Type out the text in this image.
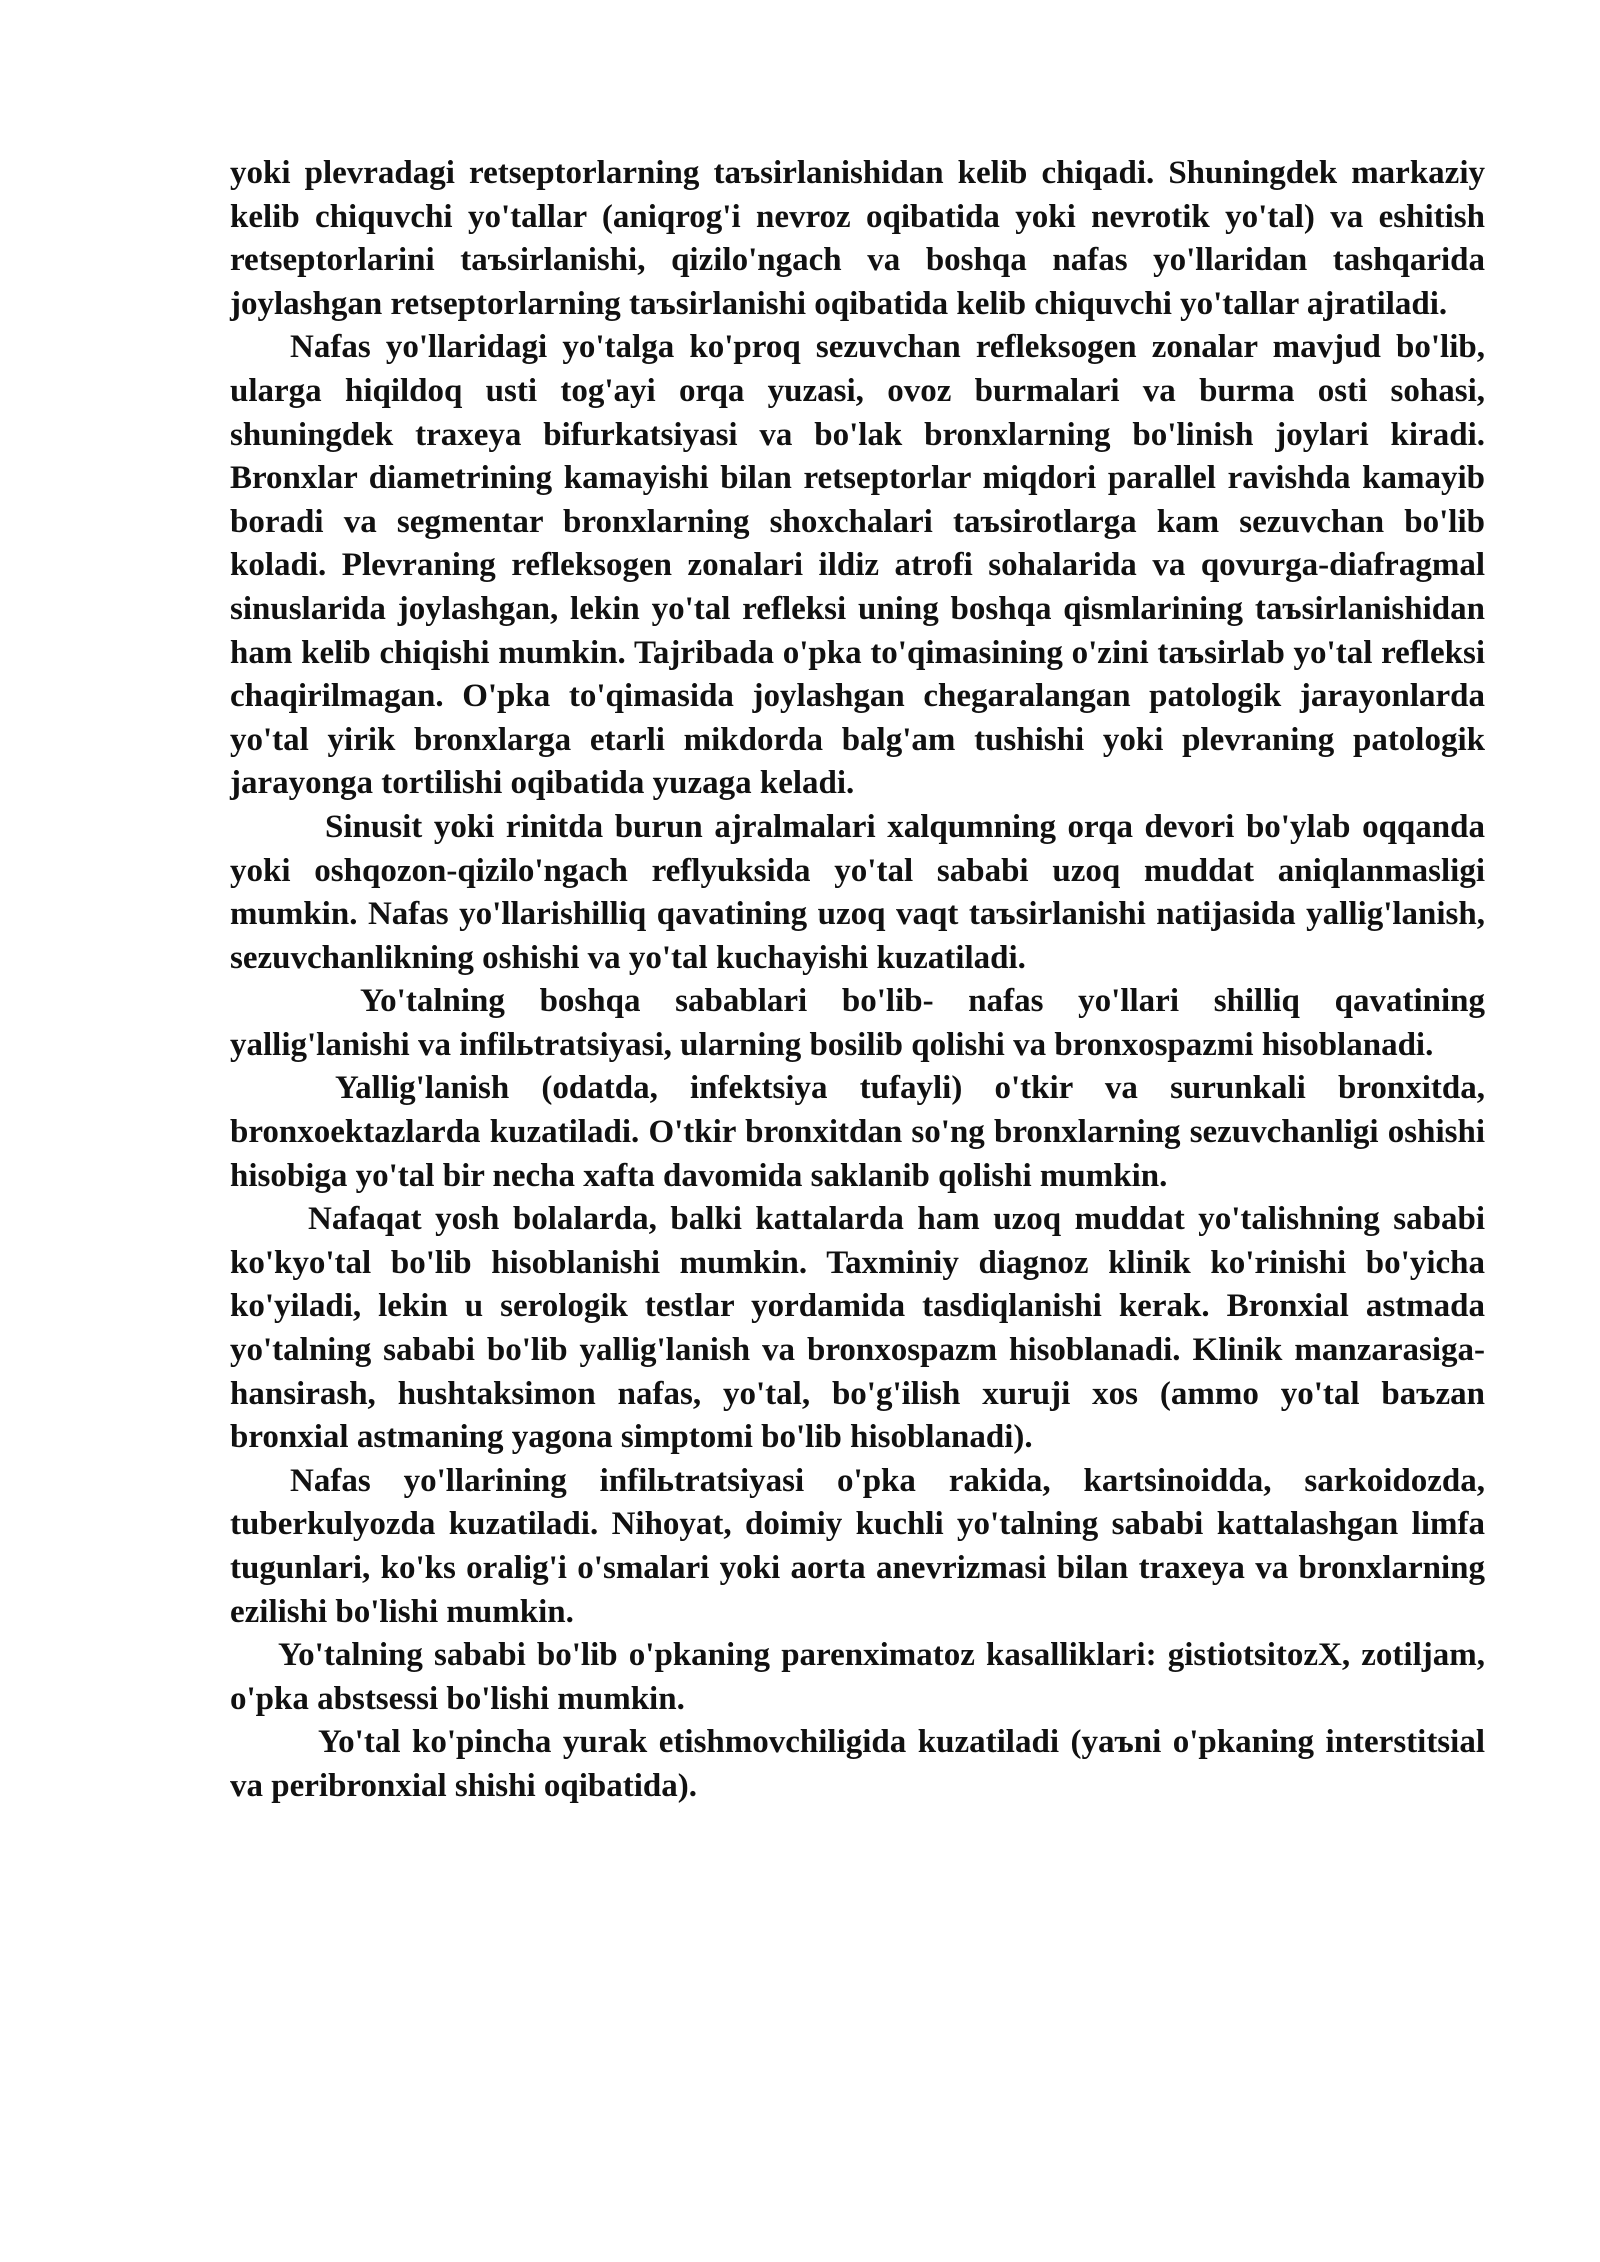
yoki plevradagi retseptorlarning taъsirlanishidan kelib chiqadi. Shuningdek markaziy kelib chiquvchi yo'tallar (aniqrog'i nevroz oqibatida yoki nevrotik yo'tal) va eshitish retseptorlarini taъsirlanishi, qizilo'ngach va boshqa nafas yo'llaridan tashqarida joylashgan retseptorlarning taъsirlanishi oqibatida kelib chiquvchi yo'tallar ajratiladi.

Nafas yo'llaridagi yo'talga ko'proq sezuvchan refleksogen zonalar mavjud bo'lib, ularga hiqildoq usti tog'ayi orqa yuzasi, ovoz burmalari va burma osti sohasi, shuningdek traxeya bifurkatsiyasi va bo'lak bronxlarning bo'linish joylari kiradi. Bronxlar diametrining kamayishi bilan retseptorlar miqdori parallel ravishda kamayib boradi va segmentar bronxlarning shoxchalari taъsirotlarga kam sezuvchan bo'lib koladi. Plevraning refleksogen zonalari ildiz atrofi sohalarida va qovurga-diafragmal sinuslarida joylashgan, lekin yo'tal refleksi uning boshqa qismlarining taъsirlanishidan ham kelib chiqishi mumkin. Tajribada o'pka to'qimasining o'zini taъsirlab yo'tal refleksi chaqirilmagan. O'pka to'qimasida joylashgan chegaralangan patologik jarayonlarda yo'tal yirik bronxlarga etarli mikdorda balg'am tushishi yoki plevraning patologik jarayonga tortilishi oqibatida yuzaga keladi.

Sinusit yoki rinitda burun ajralmalari xalqumning orqa devori bo'ylab oqqanda yoki oshqozon-qizilo'ngach reflyuksida yo'tal sababi uzoq muddat aniqlanmasligi mumkin. Nafas yo'llarishilliq qavatining uzoq vaqt taъsirlanishi natijasida yallig'lanish, sezuvchanlikning oshishi va yo'tal kuchayishi kuzatiladi.

Yo'talning boshqa sabablari bo'lib- nafas yo'llari shilliq qavatining yallig'lanishi va infilьtratsiyasi, ularning bosilib qolishi va bronxospazmi hisoblanadi.

Yallig'lanish (odatda, infektsiya tufayli) o'tkir va surunkali bronxitda, bronxoektazlarda kuzatiladi. O'tkir bronxitdan so'ng bronxlarning sezuvchanligi oshishi hisobiga yo'tal bir necha xafta davomida saklanib qolishi mumkin.

Nafaqat yosh bolalarda, balki kattalarda ham uzoq muddat yo'talishning sababi ko'kyo'tal bo'lib hisoblanishi mumkin. Taxminiy diagnoz klinik ko'rinishi bo'yicha ko'yiladi, lekin u serologik testlar yordamida tasdiqlanishi kerak. Bronxial astmada yo'talning sababi bo'lib yallig'lanish va bronxospazm hisoblanadi. Klinik manzarasiga- hansirash, hushtaksimon nafas, yo'tal, bo'g'ilish xuruji xos (ammo yo'tal baъzan bronxial astmaning yagona simptomi bo'lib hisoblanadi).

Nafas yo'llarining infilьtratsiyasi o'pka rakida, kartsinoidda, sarkoidozda, tuberkulyozda kuzatiladi. Nihoyat, doimiy kuchli yo'talning sababi kattalashgan limfa tugunlari, ko'ks oralig'i o'smalari yoki aorta anevrizmasi bilan traxeya va bronxlarning ezilishi bo'lishi mumkin.

Yo'talning sababi bo'lib o'pkaning parenximatoz kasalliklari: gistiotsitozX, zotiljam, o'pka abstsessi bo'lishi mumkin.

Yo'tal ko'pincha yurak etishmovchiligida kuzatiladi (yaъni o'pkaning interstitsial va peribronxial shishi oqibatida).
